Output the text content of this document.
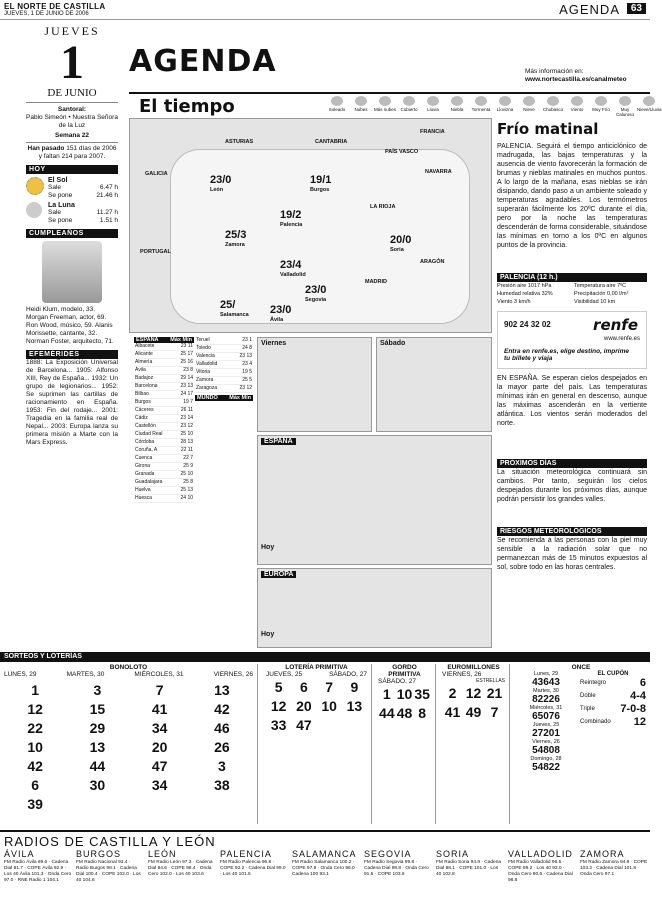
EL NORTE DE CASTILLA
JUEVES, 1 DE JUNIO DE 2006	AGENDA	63
JUEVES
1
DE JUNIO
Santoral:
Pablo Simeón • Nuestra Señora de la Luz
Semana 22
Han pasado 151 días de 2006 y faltan 214 para 2007.
HOY
El Sol
Sale	6.47 h
Se pone	21.46 h
La Luna
Sale	11.27 h
Se pone	1.51 h
CUMPLEAÑOS
Heidi Klum, modelo, 33. Morgan Freeman, actor, 69. Ron Wood, músico, 59. Alanis Morissette, cantante, 32. Norman Foster, arquitecto, 71.
EFEMÉRIDES
1888: La Exposición Universal de Barcelona... 1905: Alfonso XIII, Rey de España... 1932: Un grupo de legionarios... 1952: Se suprimen las cartillas de racionamiento en España. 1953: Fin del rodaje... 2001: Tragedia en la familia real de Nepal... 2003: Europa lanza su primera misión a Marte con la Mars Express.
AGENDA	Más información en:
www.nortecastilla.es/canalmeteo
El tiempo	Soleado	Nubes	Más nubes Cubierto	Lluvia	Niebla	Tormenta	Llovizna	Nieve	Chubasco	Viento	Muy Frío	Muy Caluroso
Nieve/Lluvia
ASTURIAS	CANTABRIA
PAÍS VASCO
NAVARRA
GALICIA
LA RIOJA
FRANCIA
PORTUGAL
MADRID
ARAGÓN
23/0
León
19/1
Burgos
19/2
Palencia
23/4
Valladolid
20/0
Soria
25/3
Zamora
23/0
Segovia
25/
Salamanca 23/0
Ávila
ESPAÑA Máx Mín
Albacete	23 11
Alicante	25 17
Almería	25 16
Ávila	23 8
Badajoz	29 14
Barcelona	23 13
Bilbao	24 17
Burgos	19 7
Cáceres	26 11
Cádiz	23 14
Castellón	23 12
Ciudad Real	25 10
Córdoba	28 13
Coruña, A	22 11
Cuenca	22 7
Girona	25 9
Granada	25 10
Guadalajara	25 8
Huelva	25 13
Huesca	24 10
Teruel	23 1
Toledo	24 8
Valencia	23 13
Valladolid	23 4
Vitoria	19 5
Zamora	25 5
Zaragoza	23 12
MUNDO Máx Mín
Viernes	Sábado
ESPAÑA
Hoy
EUROPA
Hoy
Frío matinal
PALENCIA. Seguirá el tiempo anticiclónico de madrugada, las bajas temperaturas y la ausencia de viento favorecerán la formación de brumas y nieblas matinales en muchos puntos. A lo largo de la mañana, esas nieblas se irán disipando, dando paso a un ambiente soleado y temperaturas agradables. Los termómetros superarán fácilmente los 20ºC durante el día, pero por la noche las temperaturas descenderán de forma considerable, situándose las mínimas en torno a los 0ºC en algunos puntos de la provincia.
PALENCIA (12 h.)
Presión aire 1017 hPa	Temperatura aire 7ºC
Humedad relativa 32%	Precipitación 0,00 l/m²
Viento 3 km/h	Visibilidad 10 km
902 24 32 02	renfe
www.renfe.es
Entra en renfe.es, elige destino, imprime tu billete y viaja
EN ESPAÑA. Se esperan cielos despejados en la mayor parte del país. Las temperaturas mínimas irán en general en descenso, aunque las máximas ascenderán en la vertiente atlántica. Los vientos serán moderados del norte.
PRÓXIMOS DÍAS
La situación meteorológica continuará sin cambios. Por tanto, seguirán los cielos despejados durante los próximos días, aunque podrán persistir los grandes valles.
RIESGOS METEOROLÓGICOS
Se recomienda a las personas con la piel muy sensible a la radiación solar que no permanezcan más de 15 minutos expuestos al sol, sobre todo en las horas centrales.
SORTEOS Y LOTERÍAS
BONOLOTO
LUNES, 29	MARTES, 30	MIÉRCOLES, 31	VIERNES, 26
1	3	7	13
12	15	41	42
22	29	34	46
10	13	20	26
42	44	47	3
6	30	34	38
39
LOTERÍA PRIMITIVA
JUEVES, 25	SÁBADO, 27
5	6	7	9
12 20 10 13
33 47
GORDO PRIMITIVA
SÁBADO, 27
1 10 35
44 48 8
EUROMILLONES
VIERNES, 26
ESTRELLAS
2 12 21
41 49 7
ONCE
Lunes, 29
43643
Martes, 30
82226
Miércoles, 31
65076
Jueves, 25
27201
Viernes, 26
54808
Domingo, 28
54822
EL CUPÓN
Reintegro	6
Doble	4-4
Triple 7-0-8
Combinado 12
RADIOS DE CASTILLA Y LEÓN
ÁVILA
FM Radio Ávila 89.6 · Cadena Dial 91.7 · COPE Ávila 92.9 · Los 40 Ávila 101.3 · Onda Cero 97.0 · RNE Radio 1 104.1
BURGOS
FM Radio Nacional 93.4 · Radio Burgos 98.1 · Cadena Dial 100.4 · COPE 102.0 · Los 40 104.6
LEÓN
FM Radio León 97.3 · Cadena Dial 94.6 · COPE 98.4 · Onda Cero 102.0 · Los 40 103.6
PALENCIA
FM Radio Palencia 96.8 · COPE 92.2 · Cadena Dial 99.0 · Los 40 101.6
SALAMANCA
FM Radio Salamanca 100.2 · COPE 97.8 · Onda Cero 96.0 · Cadena 100 93.1
SEGOVIA
FM Radio Segovia 99.8 · Cadena Dial 98.8 · Onda Cero 91.5 · COPE 103.6
SORIA
FM Radio Soria 94.8 · Cadena Dial 98.1 · COPE 101.0 · Los 40 102.8
VALLADOLID
FM Radio Valladolid 96.5 · COPE 89.2 · Los 40 93.0 · Onda Cero 90.6 · Cadena Dial 98.8
ZAMORA
FM Radio Zamora 94.9 · COPE 103.2 · Cadena Dial 101.8 · Onda Cero 97.1
